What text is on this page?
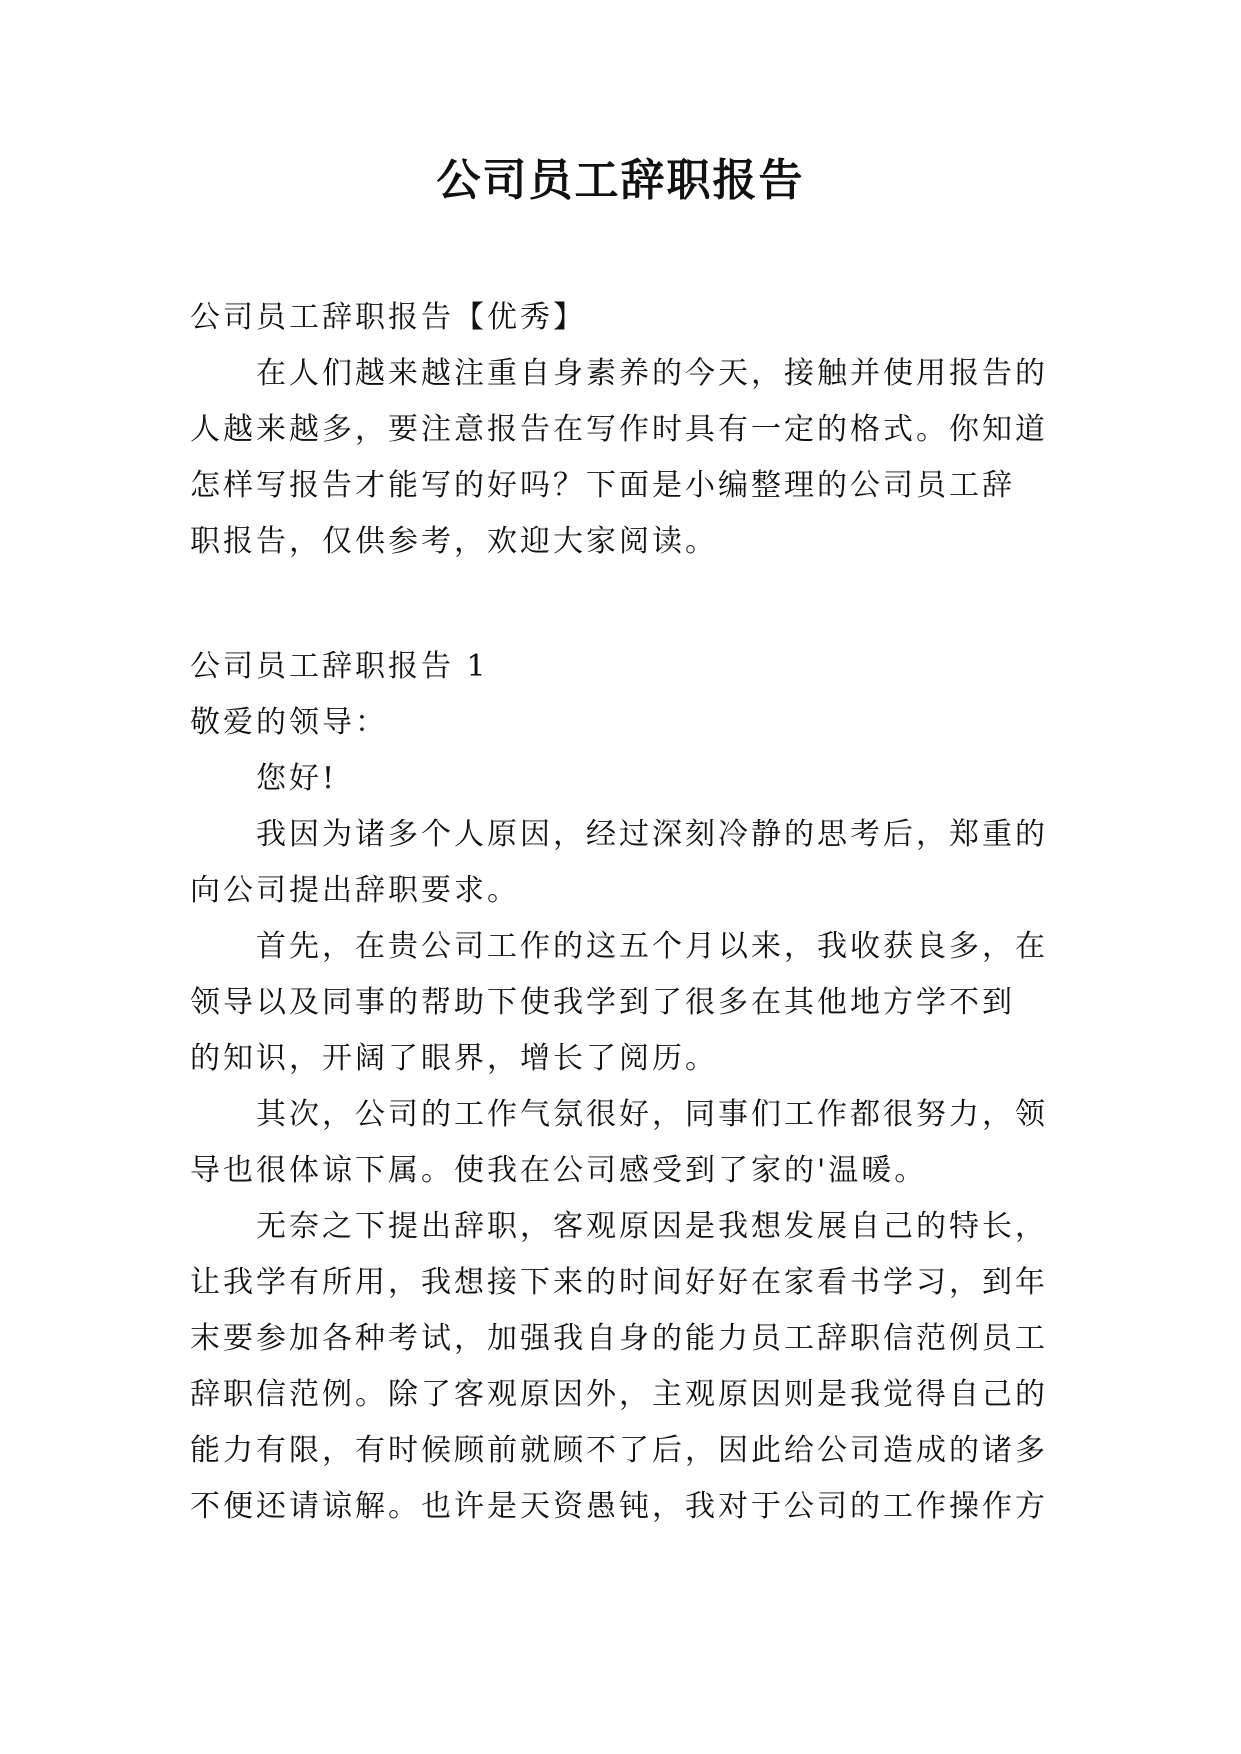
公司员工辞职报告
公司员工辞职报告【优秀】
在人们越来越注重自身素养的今天，接触并使用报告的
人越来越多，要注意报告在写作时具有一定的格式。你知道
怎样写报告才能写的好吗？下面是小编整理的公司员工辞
职报告，仅供参考，欢迎大家阅读。
公司员工辞职报告 1
敬爱的领导：
您好!
我因为诸多个人原因，经过深刻冷静的思考后，郑重的
向公司提出辞职要求。
首先，在贵公司工作的这五个月以来，我收获良多，在
领导以及同事的帮助下使我学到了很多在其他地方学不到
的知识，开阔了眼界，增长了阅历。
其次，公司的工作气氛很好，同事们工作都很努力，领
导也很体谅下属。使我在公司感受到了家的'温暖。
无奈之下提出辞职，客观原因是我想发展自己的特长，
让我学有所用，我想接下来的时间好好在家看书学习，到年
末要参加各种考试，加强我自身的能力员工辞职信范例员工
辞职信范例。除了客观原因外，主观原因则是我觉得自己的
能力有限，有时候顾前就顾不了后，因此给公司造成的诸多
不便还请谅解。也许是天资愚钝，我对于公司的工作操作方
